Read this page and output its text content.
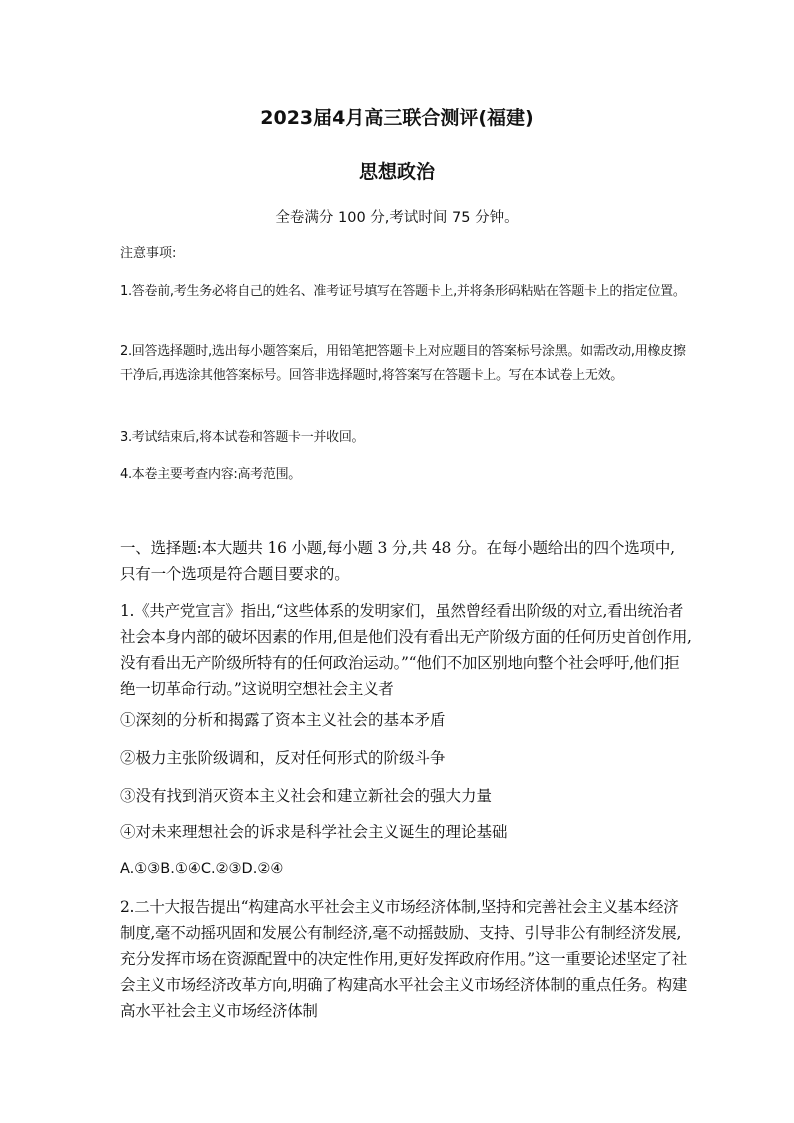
2023届4月高三联合测评(福建)
思想政治
全卷满分 100 分,考试时间 75 分钟。
注意事项:
1.答卷前,考生务必将自己的姓名、准考证号填写在答题卡上,并将条形码粘贴在答题卡上的指定位置。
2.回答选择题时,选出每小题答案后，用铅笔把答题卡上对应题目的答案标号涂黑。如需改动,用橡皮擦干净后,再选涂其他答案标号。回答非选择题时,将答案写在答题卡上。写在本试卷上无效。
3.考试结束后,将本试卷和答题卡一并收回。
4.本卷主要考查内容:高考范围。
一、选择题:本大题共 16 小题,每小题 3 分,共 48 分。在每小题给出的四个选项中,只有一个选项是符合题目要求的。
1.《共产党宣言》指出,“这些体系的发明家们，虽然曾经看出阶级的对立,看出统治者社会本身内部的破坏因素的作用,但是他们没有看出无产阶级方面的任何历史首创作用,没有看出无产阶级所特有的任何政治运动。”“他们不加区别地向整个社会呼吁,他们拒绝一切革命行动。”这说明空想社会主义者
①深刻的分析和揭露了资本主义社会的基本矛盾
②极力主张阶级调和，反对任何形式的阶级斗争
③没有找到消灭资本主义社会和建立新社会的强大力量
④对未来理想社会的诉求是科学社会主义诞生的理论基础
A.①③B.①④C.②③D.②④
2.二十大报告提出“构建高水平社会主义市场经济体制,坚持和完善社会主义基本经济制度,毫不动摇巩固和发展公有制经济,毫不动摇鼓励、支持、引导非公有制经济发展,充分发挥市场在资源配置中的决定性作用,更好发挥政府作用。”这一重要论述坚定了社会主义市场经济改革方向,明确了构建高水平社会主义市场经济体制的重点任务。构建高水平社会主义市场经济体制
